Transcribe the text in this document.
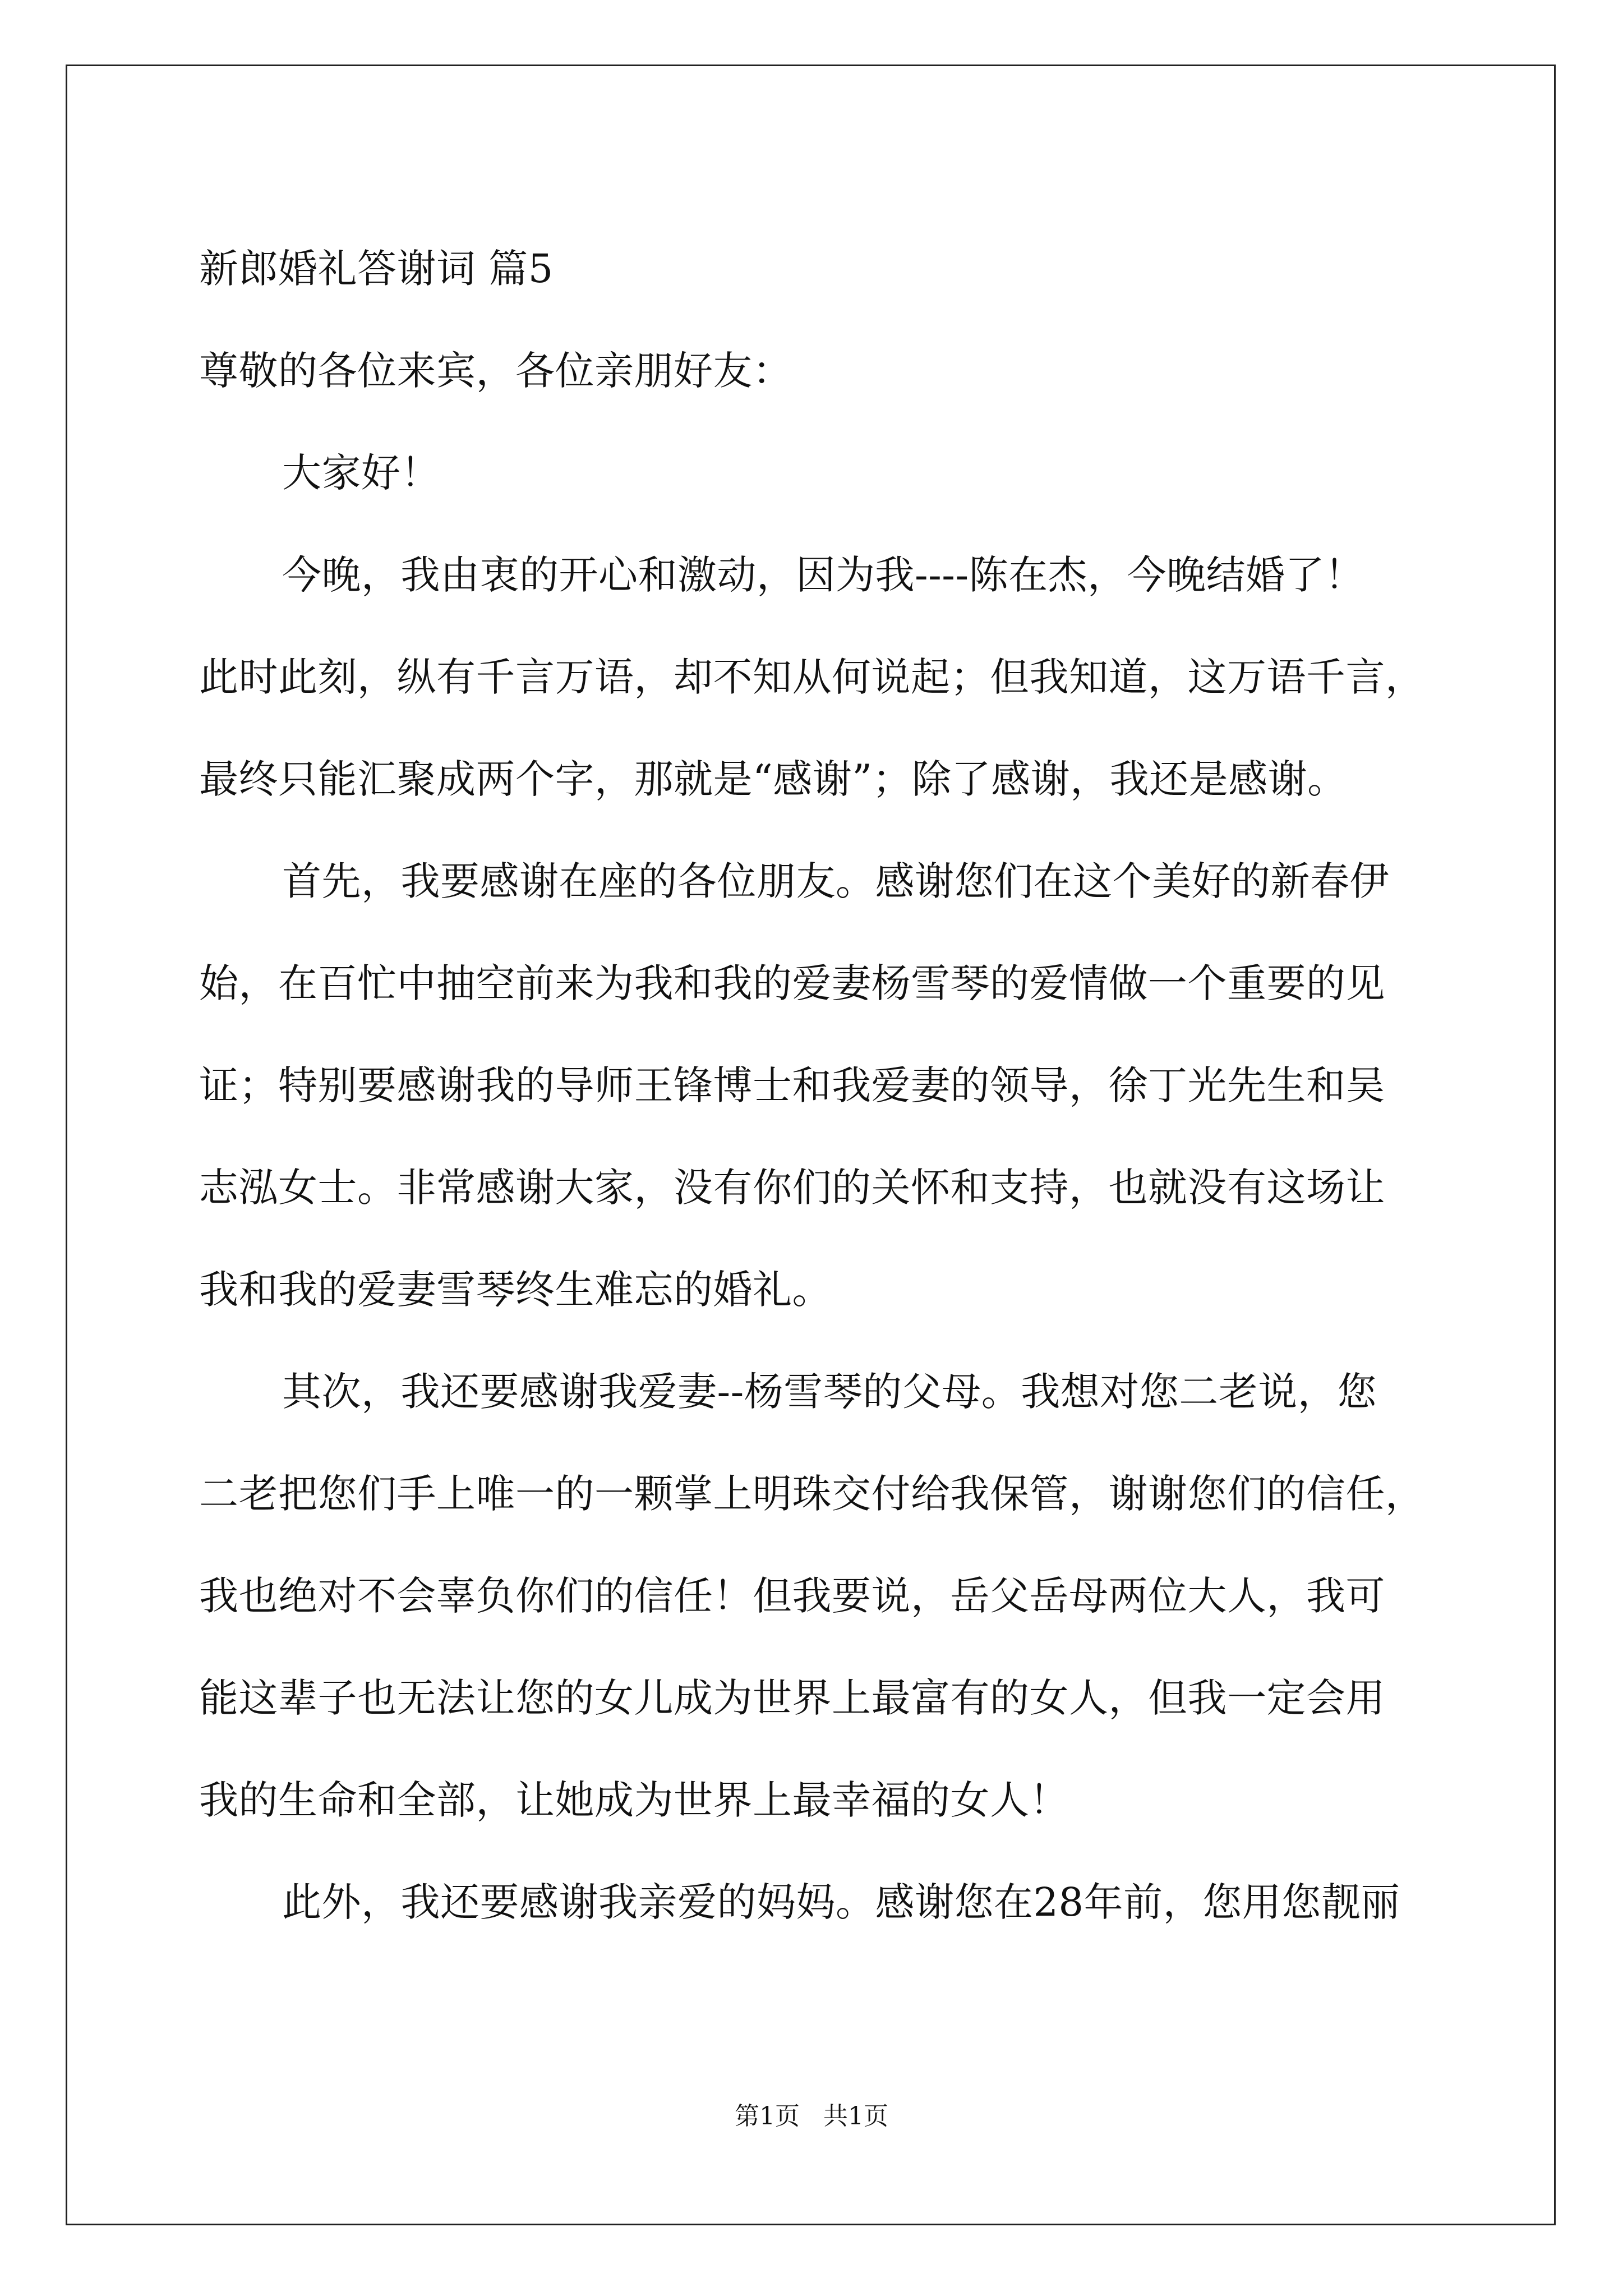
新郎婚礼答谢词 篇5
尊敬的各位来宾，各位亲朋好友：
大家好！
今晚，我由衷的开心和激动，因为我----陈在杰，今晚结婚了！
此时此刻，纵有千言万语，却不知从何说起；但我知道，这万语千言，
最终只能汇聚成两个字，那就是“感谢”；除了感谢，我还是感谢。
首先，我要感谢在座的各位朋友。感谢您们在这个美好的新春伊
始，在百忙中抽空前来为我和我的爱妻杨雪琴的爱情做一个重要的见
证；特别要感谢我的导师王锋博士和我爱妻的领导，徐丁光先生和吴
志泓女士。非常感谢大家，没有你们的关怀和支持，也就没有这场让
我和我的爱妻雪琴终生难忘的婚礼。
其次，我还要感谢我爱妻--杨雪琴的父母。我想对您二老说，您
二老把您们手上唯一的一颗掌上明珠交付给我保管，谢谢您们的信任，
我也绝对不会辜负你们的信任！但我要说，岳父岳母两位大人，我可
能这辈子也无法让您的女儿成为世界上最富有的女人，但我一定会用
我的生命和全部，让她成为世界上最幸福的女人！
此外，我还要感谢我亲爱的妈妈。感谢您在28年前，您用您靓丽
第1页   共1页
